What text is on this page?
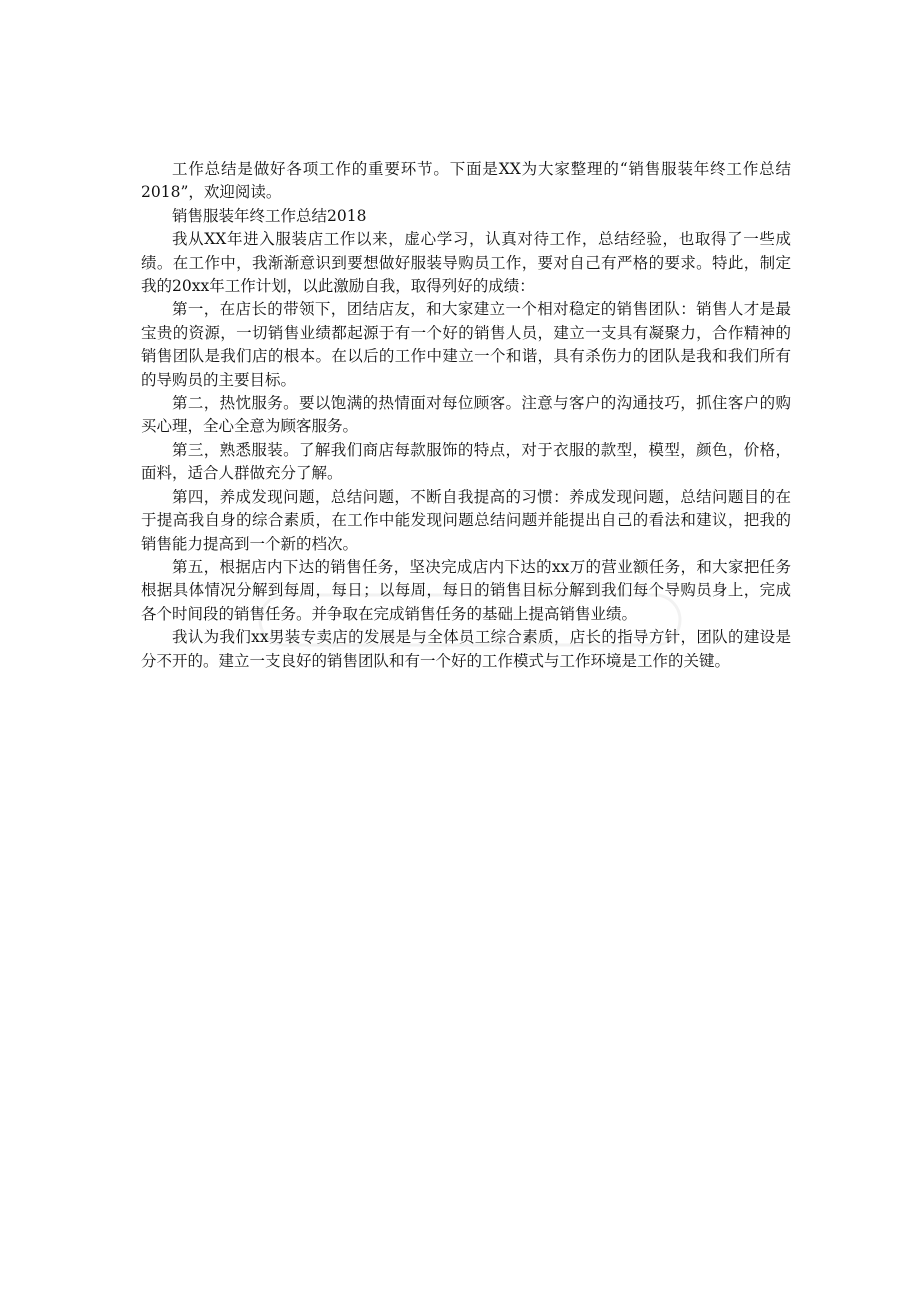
工作总结是做好各项工作的重要环节。下面是XX为大家整理的“销售服装年终工作总结2018”，欢迎阅读。

销售服装年终工作总结2018

我从XX年进入服装店工作以来，虚心学习，认真对待工作，总结经验，也取得了一些成绩。在工作中，我渐渐意识到要想做好服装导购员工作，要对自己有严格的要求。特此，制定我的20xx年工作计划，以此激励自我，取得列好的成绩：

第一，在店长的带领下，团结店友，和大家建立一个相对稳定的销售团队：销售人才是最宝贵的资源，一切销售业绩都起源于有一个好的销售人员，建立一支具有凝聚力，合作精神的销售团队是我们店的根本。在以后的工作中建立一个和谐，具有杀伤力的团队是我和我们所有的导购员的主要目标。

第二，热忱服务。要以饱满的热情面对每位顾客。注意与客户的沟通技巧，抓住客户的购买心理，全心全意为顾客服务。

第三，熟悉服装。了解我们商店每款服饰的特点，对于衣服的款型，模型，颜色，价格，面料，适合人群做充分了解。

第四，养成发现问题，总结问题，不断自我提高的习惯：养成发现问题，总结问题目的在于提高我自身的综合素质，在工作中能发现问题总结问题并能提出自己的看法和建议，把我的销售能力提高到一个新的档次。

第五，根据店内下达的销售任务，坚决完成店内下达的xx万的营业额任务，和大家把任务根据具体情况分解到每周，每日；以每周，每日的销售目标分解到我们每个导购员身上，完成各个时间段的销售任务。并争取在完成销售任务的基础上提高销售业绩。

我认为我们xx男装专卖店的发展是与全体员工综合素质，店长的指导方针，团队的建设是分不开的。建立一支良好的销售团队和有一个好的工作模式与工作环境是工作的关键。
